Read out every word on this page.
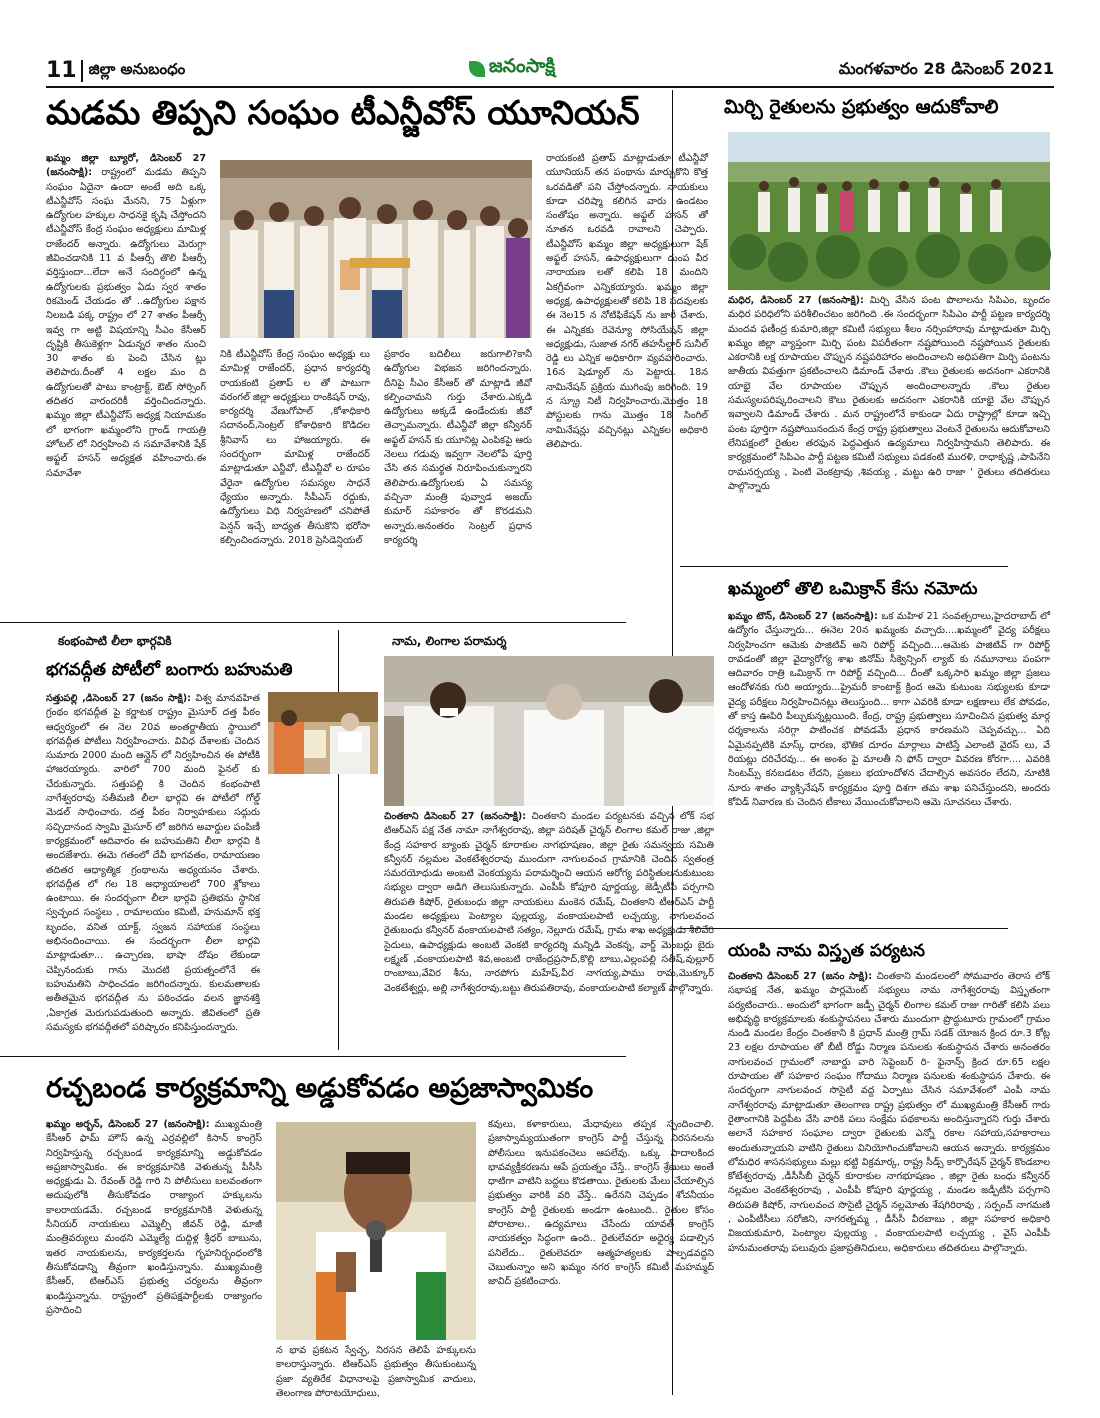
11 జిల్లా అనుబంధం	జనంసాక్షి	మంగళవారం 28 డిసెంబర్ 2021
మడమ తిప్పని సంఘం టీఎన్జీవోస్ యూనియన్
ఖమ్మం జిల్లా బ్యూరో, డిసెంబర్ 27 (జనంసాక్షి): రాష్ట్రంలో మడమ తిప్పని సంఘం ఏదైనా ఉందా అంటే అది ఒక్క టీఎన్జీవోస్ సంఘ మేనని, 75 ఏళ్లుగా ఉద్యోగుల హక్కుల సాధనకై కృషి చేస్తోందని టీఎన్జీవోస్ కేంద్ర సంఘం అధ్యక్షులు మామిళ్ల రాజేందర్ అన్నారు. ఉద్యోగులు మెరుగ్గా జీవించడానికి 11 వ పీఆర్సీ తొలి పీఆర్సీ వర్తిస్తుందా...లేదా అనే సందిగ్ధంలో ఉన్న ఉద్యోగులకు ప్రభుత్వం ఏడు స్వర శాతం రికమెండ్ చేయడం తో ..ఉద్యోగుల పక్షాన నిలబడి పక్క రాష్ట్రం లో 27 శాతం పీఆర్సీ ఇవ్వ గా అట్టి విషయాన్ని సీఎం కేసీఆర్ దృష్టికి తీసుకెళ్లగా ఏడున్నర శాతం నుంచి 30 శాతం కు పెంచి చేసిన ట్లు తెలిపారు.దీంతో 4 లక్షల మం ది ఉద్యోగులతో పాటు కాంట్రాక్ట్, ఔట్ సోర్సింగ్ తదితర వారందరికీ వర్తించిందన్నారు. ఖమ్మం జిల్లా టీఎన్జీవోస్ అధ్యక్ష నియామకం లో భాగంగా ఖమ్మంలోని గ్రాండ్ గాయత్రి హోటల్ లో నిర్వహించి న సమావేశానికి షేక్ అఫ్జల్ హసన్ అధ్యక్షత వహించారు.ఈ సమావేశా
నికి టీఎన్జీవోస్ కేంద్ర సంఘం అధ్యక్షు లు మామిళ్ల రాజేందర్, ప్రధాన కార్యదర్శి రాయకంటి ప్రతాప్ ల తో పాటుగా వరంగల్ జిల్లా అధ్యక్షులు రాంకిషన్ రావు, కార్యదర్శి వేణుగోపాల్ ,కోశాధికారి సదానంద్,సెంట్రల్ కోశాధికారి కొడిదల శ్రీనివాస్ లు హాజయ్యారు. ఈ సందర్భంగా మామిళ్ల రాజేందర్ మాట్లాడుతూ ఎన్జీవో, టీఎన్జీవో ల రూపం వేరైనా ఉద్యోగుల సమస్యల సాధనే ధ్యేయం అన్నారు. సీపీఎస్ రద్దుకు, ఉద్యోగులు విధి నిర్వహణలో చనిపోతే పెన్షన్ ఇచ్చే బాధ్యత తీసుకొని భరోసా కల్పించిందన్నారు. 2018 ప్రెసిడెన్షియల్
ప్రకారం బదిలీలు జరుగాలి?కానీ ఉద్యోగుల విభజన జరిగిందన్నారు. దీనిపై సీఎం కేసీఆర్ తో మాట్లాడి జీవో కల్పించామని గుర్తు చేశారు.ఎక్కడి ఉద్యోగులు అక్కడే ఉండేందుకు జీవో తెచ్చామన్నారు. టీఎన్జీవో జిల్లా కన్వీనర్ అఫ్జల్ హసన్ కు యూనిట్ల ఎంపికపై ఆరు నెలలు గడువు ఇవ్వగా నెలలోపే పూర్తి చేసి తన సమర్థత నిరూపించుకున్నారని తెలిపారు.ఉద్యోగులకు ఏ సమస్య వచ్చినా మంత్రి పువ్వాడ అజయ్ కుమార్ సహకారం తో కొరడమని అన్నారు.అనంతరం సెంట్రల్ ప్రధాన కార్యదర్శి
రాయకంటి ప్రతాప్ మాట్లాడుతూ టీఎన్జీవో యూనియన్ తన పంథాను మార్చుకొని కొత్త ఒరవడితో పని చేస్తోందన్నారు. నాయకులు కూడా చరిష్మా కలిగిన వారు ఉండటం సంతోషం అన్నారు. అఫ్జల్ హసన్ తో నూతన ఒరవడి రావాలని చెప్పారు. టీఎన్జీవోస్ ఖమ్మం జిల్లా అధ్యక్షులుగా షేక్ అఫ్జల్ హసన్, ఉపాధ్యక్షులుగా దుంప వీర నారాయణ లతో కలిపి 18 మందిని ఏకగ్రీవంగా ఎన్నికయ్యారు. ఖమ్మం జిల్లా అధ్యక్ష, ఉపాధ్యక్షులతో కలిపి 18 పదవులకు ఈ నెల15 న నోటిఫికేషన్ ను జారీ చేశారు. ఈ ఎన్నికకు రెవెన్యూ సోసియేషన్ జిల్లా అధ్యక్షుడు, సుజాత నగర్ తహసీల్దార్ సునీల్ రెడ్డి లు ఎన్నిక అధికారిగా వ్యవహరించారు. 16న షెడ్యూల్ ను పెట్టారు. 18న నామినేషన్ ప్రక్రియ ముగింపు జరిగింది. 19 న స్క్రూ నిటీ నిర్వహించారు.మొత్తం 18 పోస్టులకు గాను మొత్తం 18 సింగిల్ నామినేషన్లు వచ్చినట్లు ఎన్నికల అధికారి తెలిపారు.
మిర్చి రైతులను ప్రభుత్వం ఆదుకోవాలి
మధిర, డిసెంబర్ 27 (జనంసాక్షి): మిర్చి వేసిన పంట పొలాలను సిపిఎం, బృందం మధిర పరిధిలోని పరిశీలించటం జరిగింది .ఈ సందర్భంగా సిపిఎం పార్టీ పట్టణ కార్యదర్శి మందవ ఫణీంద్ర కుమారి,జిల్లా కమిటీ సభ్యులు శీలం నర్సింహారావు మాట్లాడుతూ మిర్చి ఖమ్మం జిల్లా వ్యాప్తంగా మిర్చి పంట విపరీతంగా నష్టపోయింది నష్టపోయిన రైతులకు ఎకరానికి లక్ష రూపాయల చొప్పున నష్టపరిహారం అందించాలని అధిపతిగా మిర్చి పంటను జాతీయ విపత్తుగా ప్రకటించాలని డిమాండ్ చేశారు .కౌలు రైతులకు అదనంగా ఎకరానికి యాభై వేల రూపాయల చొప్పున అందించాలన్నారు .కౌలు రైతుల సమస్యలపరిష్కరించాలని కౌలు రైతులకు అదనంగా ఎకరానికి యాభై వేల చొప్పున ఇవ్వాలని డిమాండ్ చేశారు . మన రాష్ట్రంలోనే కాకుండా ఏదు రాష్ట్రాల్లో కూడా ఇచ్చి పంట పూర్తిగా నష్టపోయినందున కేంద్ర రాష్ట్ర ప్రభుత్వాలు వెంటనే రైతులను ఆదుకోవాలని లేనిపక్షంలో రైతుల తరఫున పెద్దఎత్తున ఉద్యమాలు నిర్వహిస్తామని తెలిపారు. ఈ కార్యక్రమంలో సిపిఎం పార్టీ పట్టణ కమిటీ సభ్యులు పడకంటి మురళి, రాధాకృష్ణ ,పాపినేని రామనర్సయ్య , పెంటి వెంకట్రావు ,శివయ్య , మట్టు ఉరి రాజా ' రైతులు తదితరులు పాల్గొన్నారు
ఖమ్మంలో తొలి ఒమిక్రాన్ కేసు నమోదు
ఖమ్మం టౌన్, డిసెంబర్ 27 (జనంసాక్షి): ఒక మహిళ 21 సంవత్సరాలు,హైదరాబాద్ లో ఉద్యోగం చేస్తున్నారు... ఈనెల 20న ఖమ్మంకు వచ్చారు....ఖమ్మంలో వైద్య పరీక్షలు నిర్వహించగా ఆమెకు పాజిటివ్ అని రిపోర్ట్ వచ్చింది....ఆమెకు పాజిటివ్ గా రిపోర్ట్ రావడంతో జిల్లా వైద్యారోగ్య శాఖ జినోమ్ సీక్వెన్సింగ్ ల్యాబ్ కు నమూనాలు పంపగా ఆదివారం రాత్రి ఒమిక్రాన్ గా రిపోర్ట్ వచ్చింది... దీంతో ఒక్కసారి ఖమ్మం జిల్లా ప్రజలు ఆందోళనకు గురి అయ్యారు...ప్రైమరీ కాంటాక్ట్ క్రింద ఆమె కుటుంబ సభ్యులకు కూడా వైద్య పరీక్షలు నిర్వహించినట్లు తెలుస్తుంది... కాగా ఎవరికి కూడా లక్షణాలు లేక పోవడం, తో కాస్త ఊపిరి పీల్చుకున్నట్లయింది. కేంద్ర, రాష్ట్ర ప్రభుత్వాలు సూచించిన ప్రభుత్వ మార్గ దర్శకాలను సరిగ్గా పాటించక పోవడమే ప్రధాన కారణమని చెప్పవచ్చు... ఏది ఏమైనప్పటికి మాస్క్ ధారణ, భౌతిక దూరం మార్గాలు పాటిస్తే ఎలాంటి వైరస్ లు, వే రియట్లు దరిచేరవు... ఈ అంశం పై మాలతీ ని ఫోన్ ద్వారా వివరణ కోరగా.... ఎవరికి సింటమ్స్ కనబడటం లేదని, ప్రజలు భయాందోళన చేదాల్సిన అవసరం లేదని, నూటికి నూరు శాతం వ్యాక్సినేషన్ కార్యక్రమం పూర్తి దిశగా తమ శాఖ పనిచేస్తుందని, అందరు కోవిడ్ నివారణ కు చెందిన టీకాలు వేయించుకోవాలని ఆమె సూచనలు చేశారు.
యంపి నామ విస్తృత పర్యటన
చింతకాని డిసెంబర్ 27 (జనం సాక్షి): చింతకాని మండలంలో సోమవారం తెరాస లోక్ సభాపక్ష నేత, ఖమ్మం పార్లమెంట్ సభ్యులు నామ నాగేశ్వరరావు విస్తృతంగా పర్యటించారు.. అందులో భాగంగా జడ్పీ చైర్మన్ లింగాల కమల్ రాజు గారితో కలిసి పలు అభివృద్ధి కార్యక్రమాలకు శంకుస్థాపనలు చేశారు ముందుగా ప్రొద్దుటూరు గ్రామంలో గ్రామం నుండి మండల కేంద్రం చింతకాని కి ప్రధాన్ మంత్రి గ్రామ్ సడక్ యోజన క్రింద రూ.3 కోట్ల 23 లక్షల రూపాయల తో బీటీ రోడ్డు నిర్మాణ పనులకు శంకుస్థాపన చేశారు అనంతరం నాగులవంచ గ్రామంలో నాబార్డు వారి సెప్టెంబర్ రి- ఫైనాన్స్ క్రింద రూ.65 లక్షల రూపాయల తో సహకార సంఘం గోదాము నిర్మాణ పనులకు శంకుస్థాపన చేశారు. ఈ సందర్భంగా నాగులవంచ సొసైటీ వద్ద ఏర్పాటు చేసిన సమావేశంలో ఎంపీ నామ నాగేశ్వరరావు మాట్లాడుతూ తెలంగాణ రాష్ట్ర ప్రభుత్వం లో ముఖ్యమంత్రి కేసీఆర్ గారు రైతాంగానికి పెద్దపీట వేసి వారికి పలు సంక్షేమ పథకాలను అందిస్తున్నారని గుర్తు చేశారు అలానే సహకార సంఘాల ద్వారా రైతులకు ఎన్నో రకాల సహాయ,సహకారాలు అందుతున్నాయని వాటిని రైతులు వినియోగించుకోవాలని ఆయన అన్నారు. కార్యక్రమం లోమధిర శాసనసభ్యులు మల్లు భట్టి విక్రమార్క, రాష్ట్ర సీడ్స్ కార్పొరేషన్ చైర్మన్ కొండబాల కోటేశ్వరరావు ,డీసీసీబీ చైర్మన్ కూరాకుల నాగభూషణం , జిల్లా రైతు బంధు కన్వీనర్ నల్లమల వెంకటేశ్వరరావు , ఎంపీపీ కోపూరి పూర్ణయ్య , మండల జడ్పీటీసి పర్సగాని తిరుపతి కిషోర్, నాగులవంచ సొసైటీ చైర్మన్ నల్లమోతు శేషగిరిరావు , సర్పంచ్ నాగమణి , ఎంపీటీసీలు సరోజిని, నాగరత్నమ్మ , డీసీసీ వీరబాబు , జిల్లా సహకార అధికారి విజయకుమారి, పెంట్యాల పుల్లయ్య , వంకాయలపాటి లచ్చయ్య , వైస్ ఎంపీపీ హనుమంతరావు పలువురు ప్రజాప్రతినిధులు, అధికారులు తదితరులు పాల్గొన్నారు.
కంభంపాటి లీలా భార్గవికి
భగవద్గీత పోటీలో బంగారు బహుమతి
సత్తుపల్లి ,డిసెంబర్ 27 (జనం సాక్షి): విశ్వ మానవహిత గ్రంథం భగవద్గీత పై కర్ణాటక రాష్ట్రం మైసూర్ దత్త పీఠం ఆధ్వర్యంలో ఈ నెల 20వ అంతర్జాతీయ స్థాయిలో భగవద్గీత పోటీలు నిర్వహించారు. వివిధ దేశాలకు చెందిన సుమారు 2000 మంది ఆన్లైన్ లో నిర్వహించిన ఈ పోటీకి హాజరయ్యారు. వారిలో 700 మంది ఫైనల్ కు చేరుకున్నారు. సత్తుపల్లి కి చెందిన కంభంపాటి నాగేశ్వరరావు సతీమణి లీలా భార్గవి ఈ పోటీలో గోల్డ్ మెడల్ సాధించారు. దత్త పీఠం నిర్వాహకులు సద్గురు సచ్చిదానంద స్వామి మైసూర్ లో జరిగిన అవార్డుల పంపిణీ కార్యక్రమంలో ఆదివారం ఈ బహుమతిని లీలా భార్గవి కి అందజేశారు. ఈమె గతంలో దేవీ భాగవతం, రామాయణం తదితర ఆధ్యాత్మిక గ్రంథాలను అధ్యయనం చేశారు. భగవద్గీత లో గల 18 అధ్యాయాలలో 700 శ్లోకాలు ఉంటాయి. ఈ సందర్భంగా లీలా భార్గవి ప్రతిభను స్థానిక స్వచ్ఛంద సంస్థలు , రామాలయం కమిటీ, హనుమాన్ భక్త బృందం, వనిత యాక్ట్, స్వజన సహాయక సంస్థలు అభినందించాయి. ఈ సందర్భంగా లీలా భార్గవి మాట్లాడుతూ... ఉచ్చారణ, భాషా దోషం లేకుండా చెప్పినందుకు గాను మొదటి ప్రయత్నంలోనే ఈ బహుమతిని సాధించడం జరిగిందన్నారు. కులమతాలకు అతీతమైన భగవద్గీత ను పఠించడం వలన జ్ఞానశక్తి ,ఏకాగ్రత మెరుగుపడుతుంది అన్నారు. జీవితంలో ప్రతి సమస్యకు భగవద్గీతలో పరిష్కారం కనిపిస్తుందన్నారు.
నామ, లింగాల పరామర్శ
చింతకాని డిసెంబర్ 27 (జనంసాక్షి): చింతకాని మండల పర్యటనకు వచ్చిన లోక్ సభ టిఆర్ఎస్ పక్ష నేత నామా నాగేశ్వరరావు, జిల్లా పరిషత్ చైర్మన్ లింగాల కమల్ రాజు ,జిల్లా కేంద్ర సహకార బ్యాంకు చైర్మన్ కూరాకుల నాగభూషణం, జిల్లా రైతు సమన్వయ సమితి కన్వీనర్ నల్లమల వెంకటేశ్వరరావు ముందుగా నాగులవంచ గ్రామానికి చెందిన స్వతంత్ర సమరయోధుడు అంబటి వెంకయ్యను పరామర్శించి ఆయన ఆరోగ్య పరిస్థితులనుకుటుంబ సభ్యుల ద్వారా అడిగి తెలుసుకున్నారు. ఎంపీపీ కోపూరి పూర్ణయ్య, జెడ్పీటీసీ పర్సగాని తిరుపతి కిషోర్, రైతుబంధు జిల్లా నాయకులు మంకెన రమేష్, చింతకాని టీఆర్ఎస్ పార్టీ మండల అధ్యక్షులు పెంట్యాల పుల్లయ్య, వంకాయలపాటి లచ్చయ్య, నాగులవంచ రైతుబంధు కన్వీనర్ వంకాయలపాటి సత్యం, నెల్లూరు రమేష్, గ్రామ శాఖ అధ్యక్షుడు శీలివేరి సైదులు, ఉపాధ్యక్షుడు అంబటి వెంకటి కార్యదర్శి మన్నిడి వెంకన్న, వార్డ్ మెంబర్లు బైరు లక్ష్మణ్ ,వంకాయలపాటి శివ,అంబటి రాజేంద్రప్రసాద్,కొల్లి బాబు,ఎల్లంపల్లి సతీష్,వుల్లూర్ రాంబాబు,వేవిర శీను, నారపోగు మహేష్,వీర నాగయ్య,పాము రామ,మొక్కూర్ వెంకటేశ్వర్లు, అల్లి నాగేశ్వరరావు,బట్టు తిరుపతిరావు, వంకాయలపాటి కల్యాణ్ పాల్గొన్నారు.
రచ్చబండ కార్యక్రమాన్ని అడ్డుకోవడం అప్రజాస్వామికం
ఖమ్మం అర్బన్, డిసెంబర్ 27 (జనంసాక్షి): ముఖ్యమంత్రి కేసీఆర్ ఫామ్ హౌస్ ఉన్న ఎర్రవల్లిలో కిసాన్ కాంగ్రెస్ నిర్వహిస్తున్న రచ్చబండ కార్యక్రమాన్ని అడ్డుకోవడం అప్రజాస్వామికం. ఈ కార్యక్రమానికి వెళుతున్న పీసీసీ అధ్యక్షుడు ఏ. రేవంత్ రెడ్డి గారి ని పోలీసులు బలవంతంగా అదుపులోకి తీసుకోవడం రాజ్యాంగ హక్కులను కాలరాయడమే. రచ్చబండ కార్యక్రమానికి వెళుతున్న సీనియర్ నాయకులు ఎమ్మెల్సీ జీవన్ రెడ్డి, మాజీ మంత్రివర్యులు మంథని ఎమ్మెల్యే దుద్దిళ్ల శ్రీధర్ బాబును, ఇతర నాయకులను, కార్యకర్తలను గృహనిర్బంధంలోకి తీసుకోవడాన్ని తీవ్రంగా ఖండిస్తున్నాను. ముఖ్యమంత్రి కేసీఆర్, టిఆర్ఎస్ ప్రభుత్వ చర్యలను తీవ్రంగా ఖండిస్తున్నాను. రాష్ట్రంలో ప్రతిపక్షపార్టీలకు రాజ్యాంగం ప్రసాదించి
న భావ ప్రకటన స్వేచ్ఛ, నిరసన తెలిపే హక్కులను కాలరాస్తున్నారు. టిఆర్ఎస్ ప్రభుత్వం తీసుకుంటున్న ప్రజా వ్యతిరేక విధానాలపై ప్రజాస్వామిక వాదులు, తెలంగాణ పోరాటయోధులు,
కవులు, కళాకారులు, మేధావులు తప్పక స్పందించాలి. ప్రజాస్వామ్యయుతంగా కాంగ్రెస్ పార్టీ చేస్తున్న నిరసనలను పోలీసులు ఇనుపకంచెలు ఆపలేవు. ఒక్కు పాదాలకింద భావవ్యక్తీకరణను ఆపే ప్రయత్నం చేస్తే.. కాంగ్రెస్ శ్రేణులు అంతే ధాటిగా వాటిని బద్దలు కొడతాయి. రైతులకు మేలు చేయాల్సిన ప్రభుత్వం వారికి వరి వేస్తే.. ఉరేనని చెప్పడం శోచనీయం కాంగ్రెస్ పార్టీ రైతులకు అండగా ఉంటుంది.. రైతుల కోసం పోరాటాల.. ఉద్యమాలు చేసేందు యావత్ కాంగ్రెస్ నాయకత్వం సిద్ధంగా ఉంది.. రైతులేవరూ అధైర్య పడాల్సిన పనిలేదు.. రైతులెవరూ ఆత్మహత్యలకు పాల్పడవద్దని చెబుతున్నాం అని ఖమ్మం నగర కాంగ్రెస్ కమిటీ మహమ్మద్ జావిద్ ప్రకటించారు.
